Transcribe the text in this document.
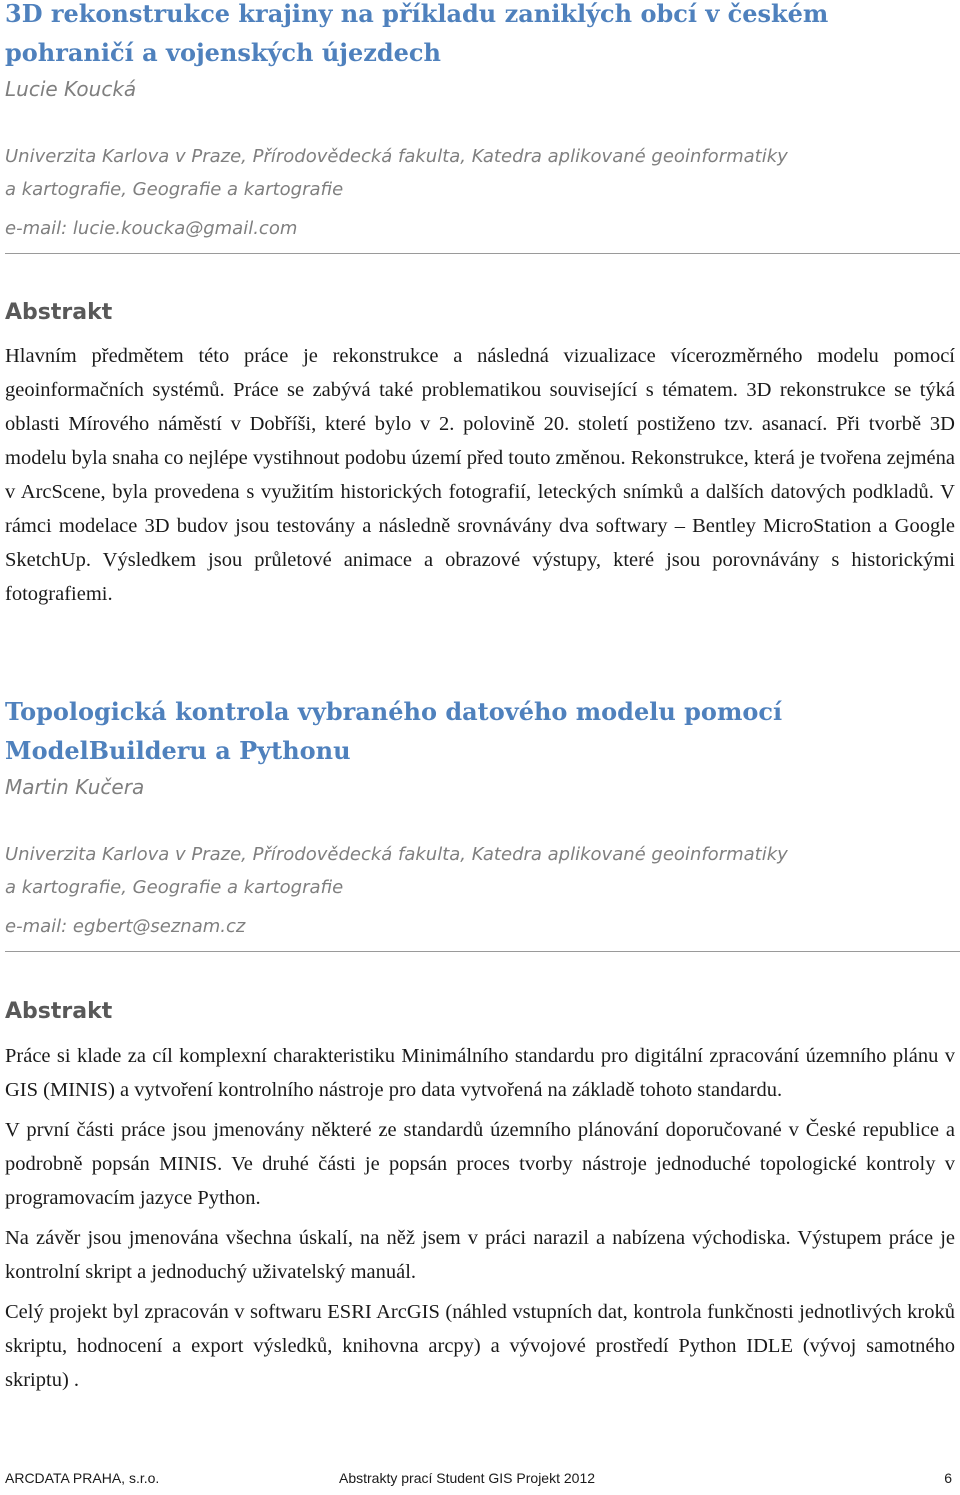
3D rekonstrukce krajiny na příkladu zaniklých obcí v českém pohraničí a vojenských újezdech

Lucie Koucká

Univerzita Karlova v Praze, Přírodovědecká fakulta, Katedra aplikované geoinformatiky

a kartografie, Geografie a kartografie

e-mail: lucie.koucka@gmail.com

Abstrakt

Hlavním předmětem této práce je rekonstrukce a následná vizualizace vícerozměrného modelu pomocí geoinformačních systémů. Práce se zabývá také problematikou související s tématem. 3D rekonstrukce se týká oblasti Mírového náměstí v Dobříši, které bylo v 2. polovině 20. století postiženo tzv. asanací. Při tvorbě 3D modelu byla snaha co nejlépe vystihnout podobu území před touto změnou. Rekonstrukce, která je tvořena zejména v ArcScene, byla provedena s využitím historických fotografií, leteckých snímků a dalších datových podkladů. V rámci modelace 3D budov jsou testovány a následně srovnávány dva softwary – Bentley MicroStation a Google SketchUp. Výsledkem jsou průletové animace a obrazové výstupy, které jsou porovnávány s historickými fotografiemi.

Topologická kontrola vybraného datového modelu pomocí ModelBuilderu a Pythonu

Martin Kučera

Univerzita Karlova v Praze, Přírodovědecká fakulta, Katedra aplikované geoinformatiky

a kartografie, Geografie a kartografie

e-mail: egbert@seznam.cz

Abstrakt

Práce si klade za cíl komplexní charakteristiku Minimálního standardu pro digitální zpracování územního plánu v GIS (MINIS) a vytvoření kontrolního nástroje pro data vytvořená na základě tohoto standardu.

V první části práce jsou jmenovány některé ze standardů územního plánování doporučované v České republice a podrobně popsán MINIS. Ve druhé části je popsán proces tvorby nástroje jednoduché topologické kontroly v programovacím jazyce Python.

Na závěr jsou jmenována všechna úskalí, na něž jsem v práci narazil a nabízena východiska. Výstupem práce je kontrolní skript a jednoduchý uživatelský manuál.

Celý projekt byl zpracován v softwaru ESRI ArcGIS (náhled vstupních dat, kontrola funkčnosti jednotlivých kroků skriptu, hodnocení a export výsledků, knihovna arcpy) a vývojové prostředí Python IDLE (vývoj samotného skriptu) .

ARCDATA PRAHA, s.r.o.	Abstrakty prací Student GIS Projekt 2012	6
